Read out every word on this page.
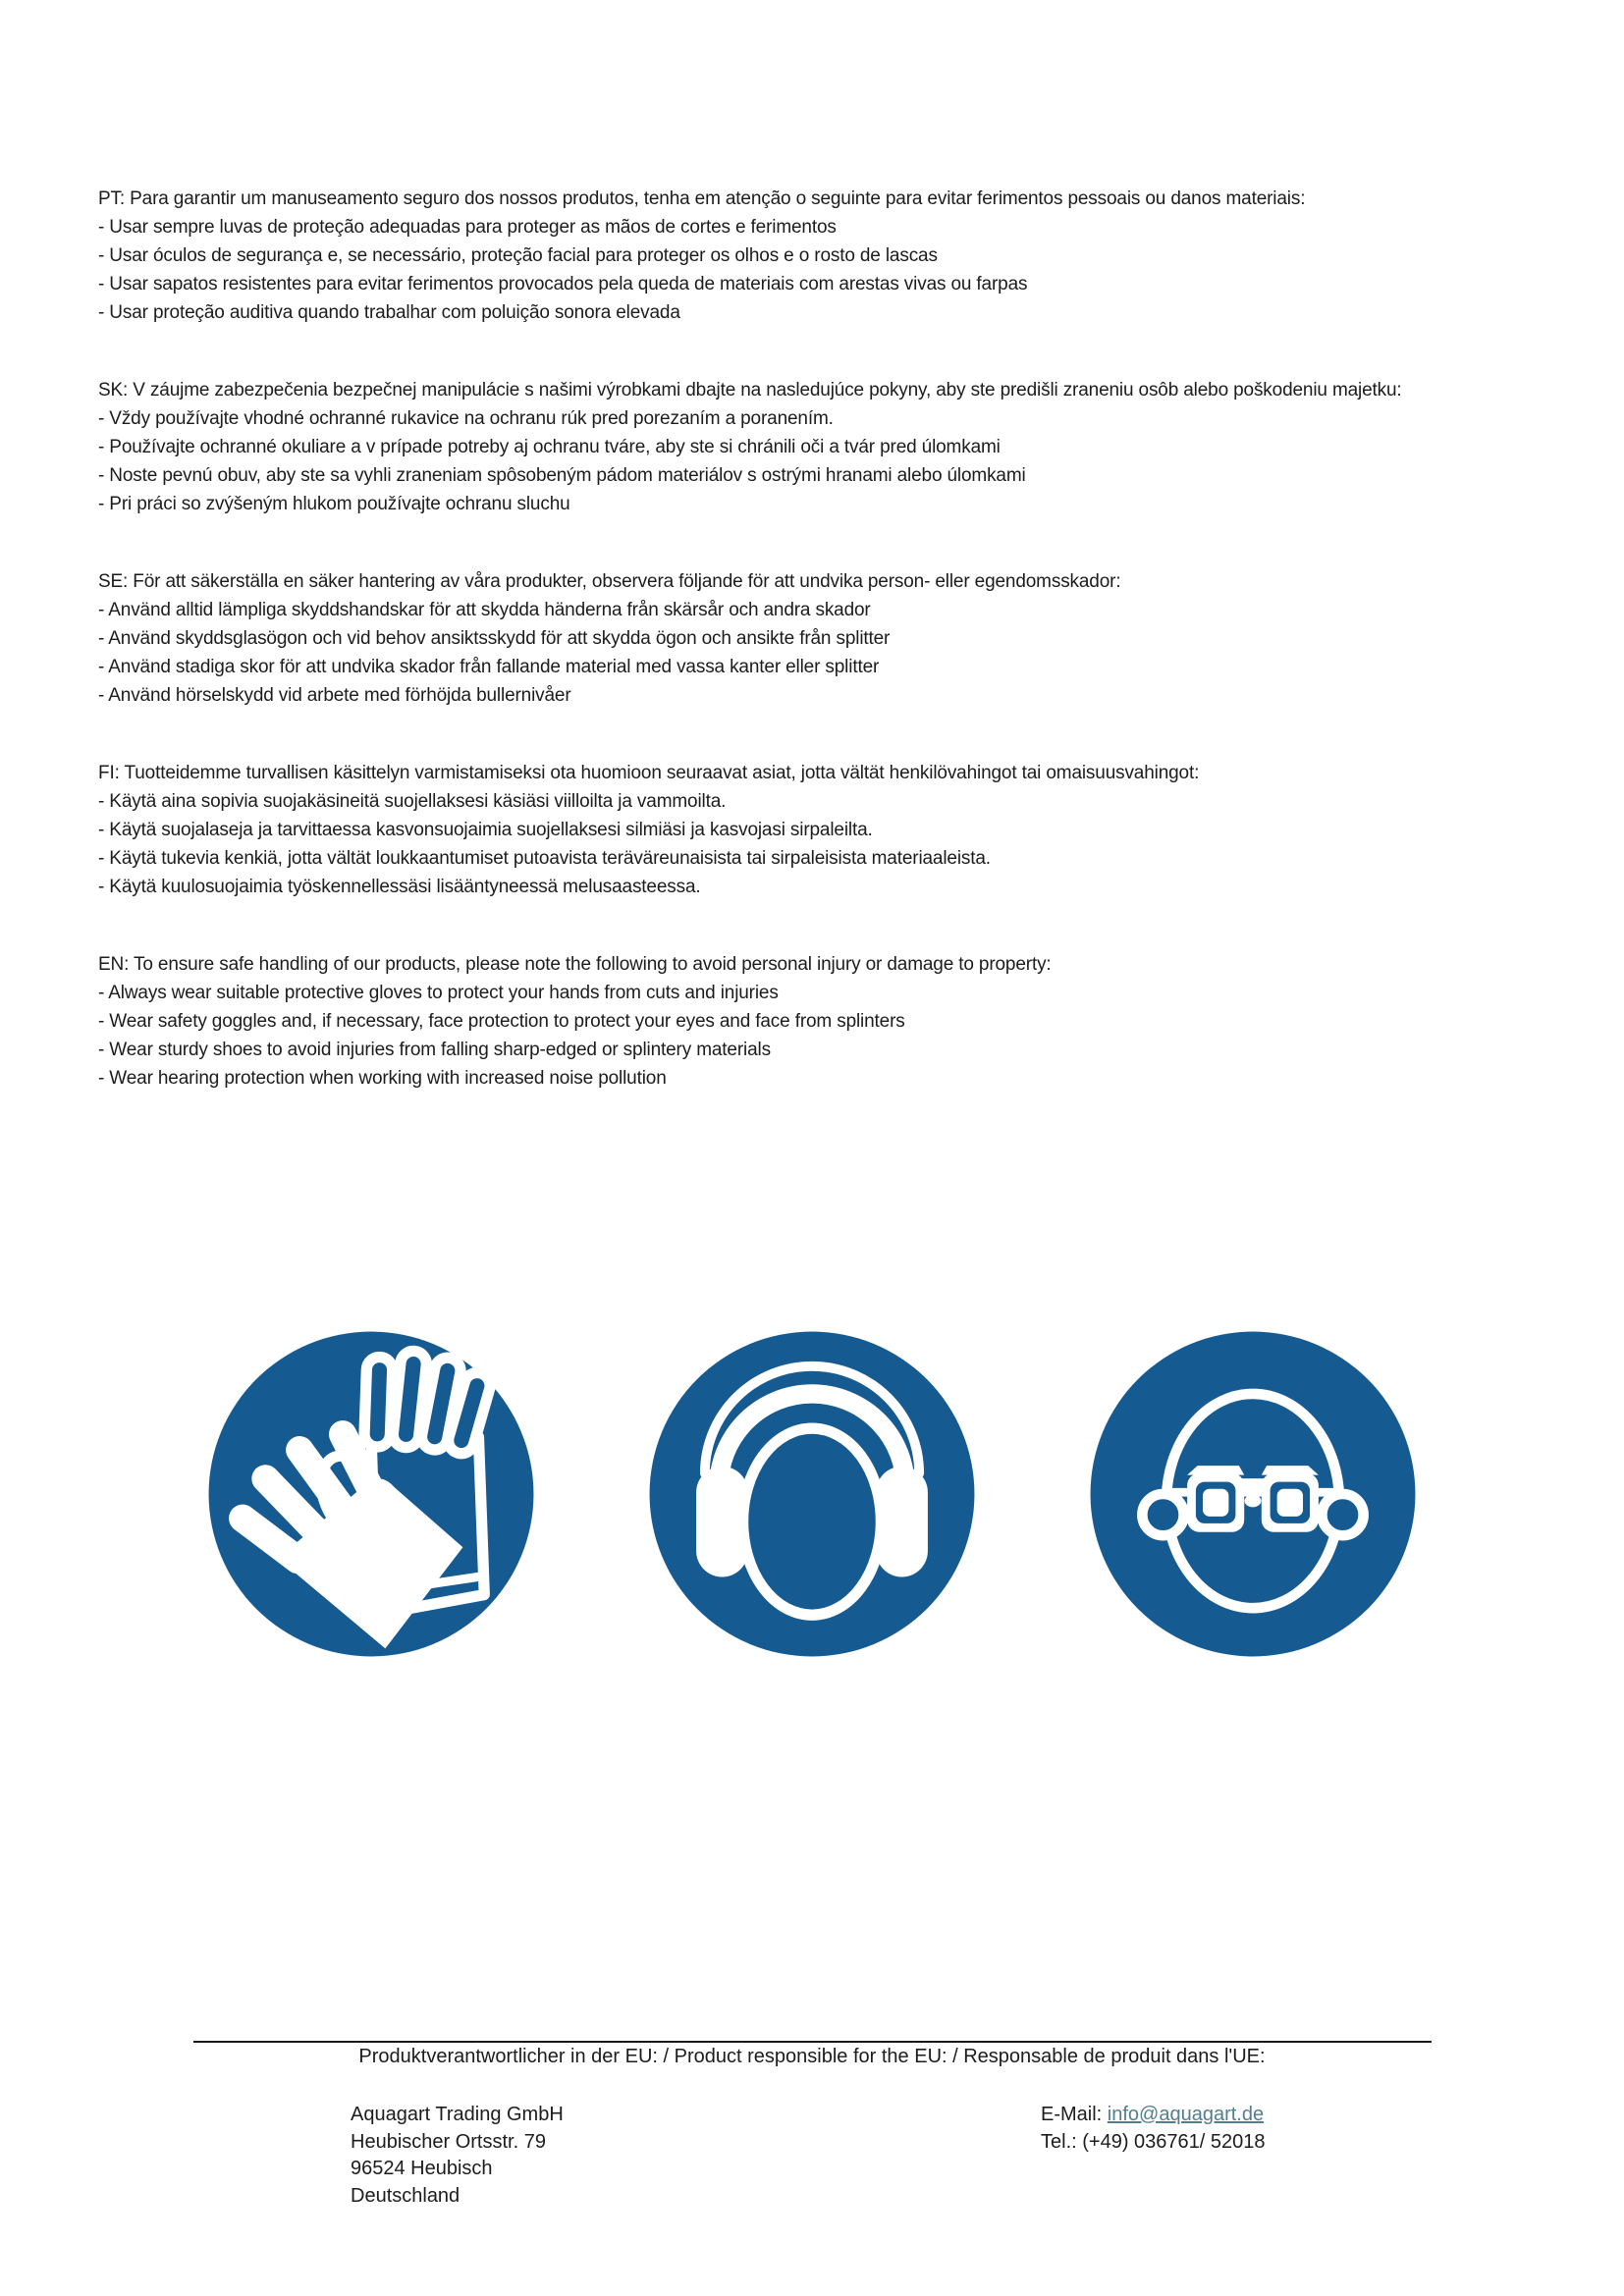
PT: Para garantir um manuseamento seguro dos nossos produtos, tenha em atenção o seguinte para evitar ferimentos pessoais ou danos materiais:

- Usar sempre luvas de proteção adequadas para proteger as mãos de cortes e ferimentos

- Usar óculos de segurança e, se necessário, proteção facial para proteger os olhos e o rosto de lascas

- Usar sapatos resistentes para evitar ferimentos provocados pela queda de materiais com arestas vivas ou farpas

- Usar proteção auditiva quando trabalhar com poluição sonora elevada

SK: V záujme zabezpečenia bezpečnej manipulácie s našimi výrobkami dbajte na nasledujúce pokyny, aby ste predišli zraneniu osôb alebo poškodeniu majetku:

- Vždy používajte vhodné ochranné rukavice na ochranu rúk pred porezaním a poranením.

- Používajte ochranné okuliare a v prípade potreby aj ochranu tváre, aby ste si chránili oči a tvár pred úlomkami

- Noste pevnú obuv, aby ste sa vyhli zraneniam spôsobeným pádom materiálov s ostrými hranami alebo úlomkami

- Pri práci so zvýšeným hlukom používajte ochranu sluchu

SE: För att säkerställa en säker hantering av våra produkter, observera följande för att undvika person- eller egendomsskador:

- Använd alltid lämpliga skyddshandskar för att skydda händerna från skärsår och andra skador

- Använd skyddsglasögon och vid behov ansiktsskydd för att skydda ögon och ansikte från splitter

- Använd stadiga skor för att undvika skador från fallande material med vassa kanter eller splitter

- Använd hörselskydd vid arbete med förhöjda bullernivåer

FI: Tuotteidemme turvallisen käsittelyn varmistamiseksi ota huomioon seuraavat asiat, jotta vältät henkilövahingot tai omaisuusvahingot:

- Käytä aina sopivia suojakäsineitä suojellaksesi käsiäsi viilloilta ja vammoilta.

- Käytä suojalaseja ja tarvittaessa kasvonsuojaimia suojellaksesi silmiäsi ja kasvojasi sirpaleilta.

- Käytä tukevia kenkiä, jotta vältät loukkaantumiset putoavista teräväreunaisista tai sirpaleisista materiaaleista.

- Käytä kuulosuojaimia työskennellessäsi lisääntyneessä melusaasteessa.

EN: To ensure safe handling of our products, please note the following to avoid personal injury or damage to property:

- Always wear suitable protective gloves to protect your hands from cuts and injuries

- Wear safety goggles and, if necessary, face protection to protect your eyes and face from splinters

- Wear sturdy shoes to avoid injuries from falling sharp-edged or splintery materials

- Wear hearing protection when working with increased noise pollution

Produktverantwortlicher in der EU: / Product responsible for the EU: / Responsable de produit dans l'UE:
Aquagart Trading GmbH
Heubischer Ortsstr. 79
96524 Heubisch
Deutschland
E-Mail: info@aquagart.de
Tel.: (+49) 036761/ 52018
